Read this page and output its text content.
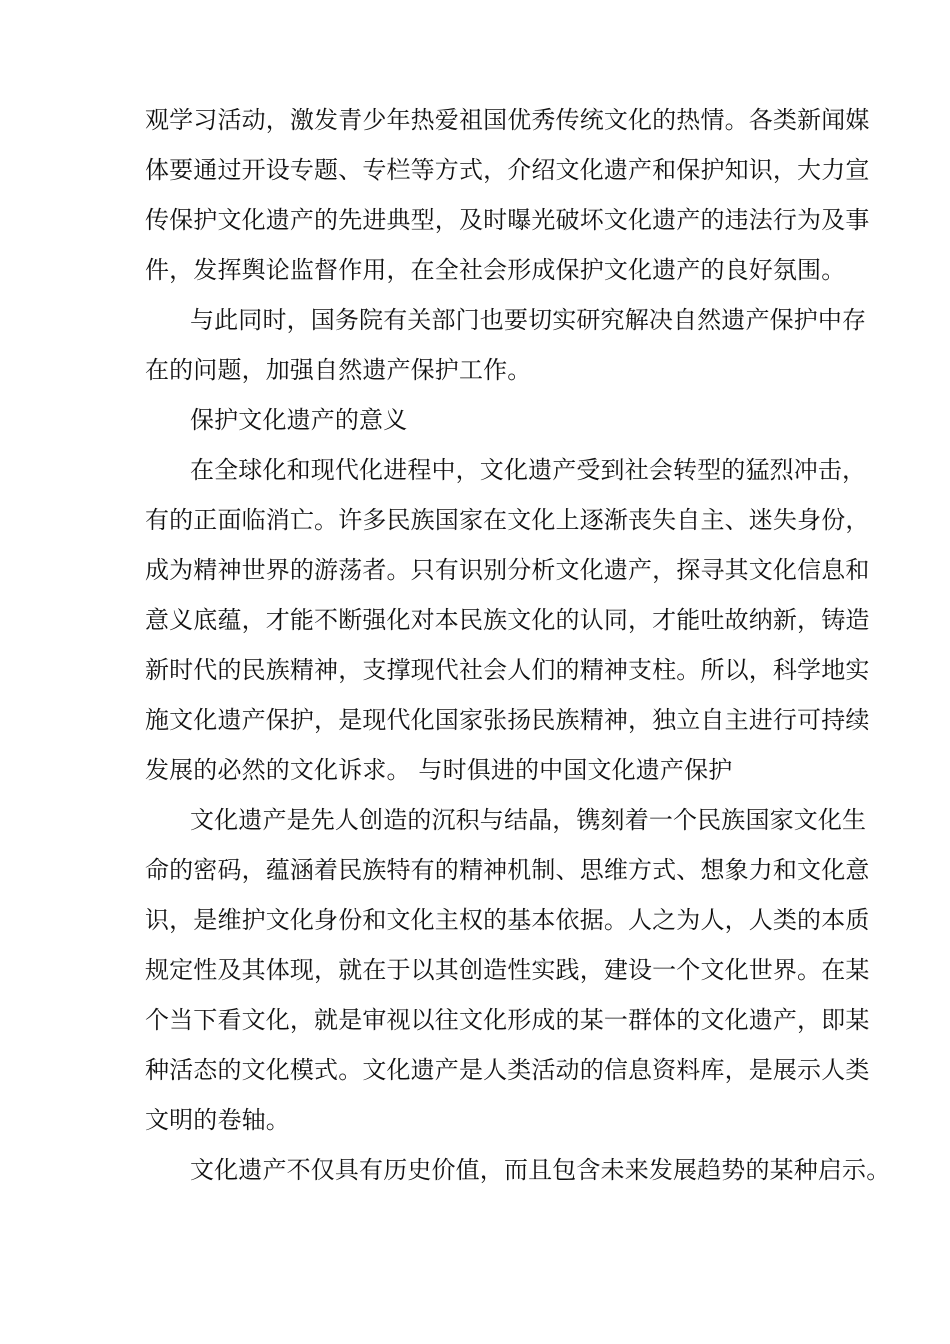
观学习活动，激发青少年热爱祖国优秀传统文化的热情。各类新闻媒
体要通过开设专题、专栏等方式，介绍文化遗产和保护知识，大力宣
传保护文化遗产的先进典型，及时曝光破坏文化遗产的违法行为及事
件，发挥舆论监督作用，在全社会形成保护文化遗产的良好氛围。
与此同时，国务院有关部门也要切实研究解决自然遗产保护中存
在的问题，加强自然遗产保护工作。
保护文化遗产的意义
在全球化和现代化进程中，文化遗产受到社会转型的猛烈冲击，
有的正面临消亡。许多民族国家在文化上逐渐丧失自主、迷失身份，
成为精神世界的游荡者。只有识别分析文化遗产，探寻其文化信息和
意义底蕴，才能不断强化对本民族文化的认同，才能吐故纳新，铸造
新时代的民族精神，支撑现代社会人们的精神支柱。所以，科学地实
施文化遗产保护，是现代化国家张扬民族精神，独立自主进行可持续
发展的必然的文化诉求。 与时俱进的中国文化遗产保护
文化遗产是先人创造的沉积与结晶，镌刻着一个民族国家文化生
命的密码，蕴涵着民族特有的精神机制、思维方式、想象力和文化意
识，是维护文化身份和文化主权的基本依据。人之为人，人类的本质
规定性及其体现，就在于以其创造性实践，建设一个文化世界。在某
个当下看文化，就是审视以往文化形成的某一群体的文化遗产，即某
种活态的文化模式。文化遗产是人类活动的信息资料库，是展示人类
文明的卷轴。
文化遗产不仅具有历史价值，而且包含未来发展趋势的某种启示。
